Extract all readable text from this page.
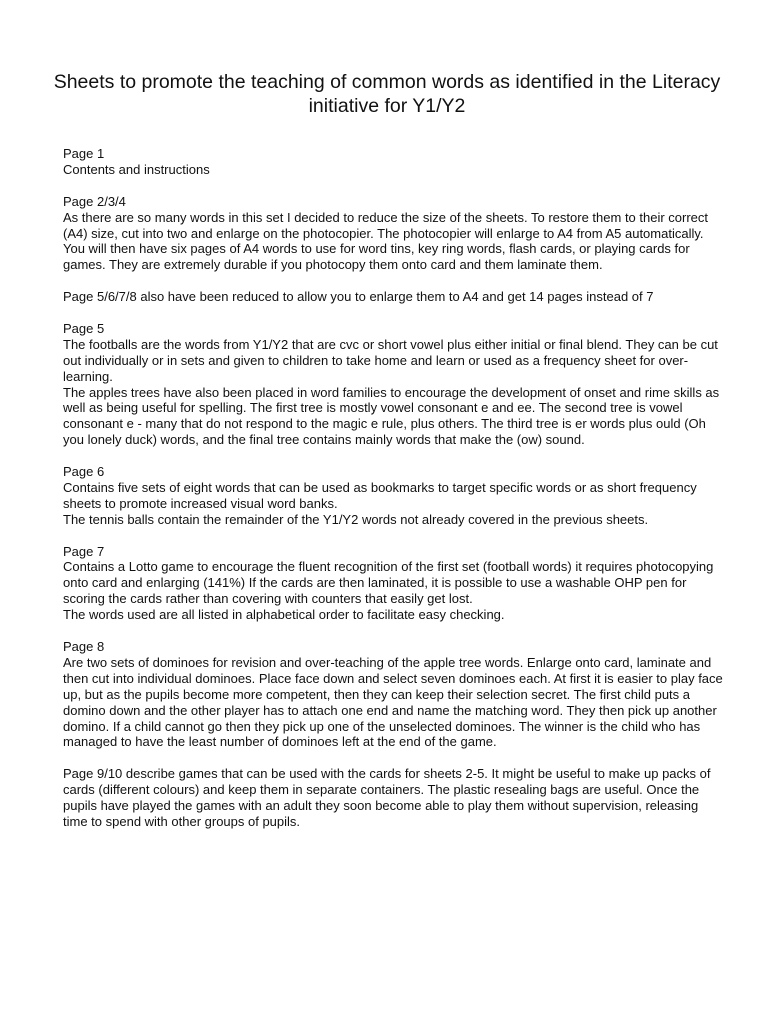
Sheets to promote the teaching of common words as identified in the Literacy initiative for Y1/Y2

Page 1

Contents and instructions

Page 2/3/4

As there are so many words in this set I decided to reduce the size of the sheets. To restore them to their correct (A4) size, cut into two and enlarge on the photocopier. The photocopier will enlarge to A4 from A5 automatically. You will then have six pages of A4 words to use for word tins, key ring words, flash cards, or playing cards for games. They are extremely durable if you photocopy them onto card and them laminate them.

Page 5/6/7/8 also have been reduced to allow you to enlarge them to A4 and get 14 pages instead of 7

Page 5

The footballs are the words from Y1/Y2 that are cvc or short vowel plus either initial or final blend. They can be cut out individually or in sets and given to children to take home and learn or used as a frequency sheet for over-learning.

The apples trees have also been placed in word families to encourage the development of onset and rime skills as well as being useful for spelling. The first tree is mostly vowel consonant e and ee. The second tree is vowel consonant e - many that do not respond to the magic e rule, plus others. The third tree is er words plus ould (Oh you lonely duck) words, and the final tree contains mainly words that make the (ow) sound.

Page 6

Contains five sets of eight words that can be used as bookmarks to target specific words or as short frequency sheets to promote increased visual word banks.

The tennis balls contain the remainder of the Y1/Y2 words not already covered in the previous sheets.

Page 7

Contains a Lotto game to encourage the fluent recognition of the first set (football words) it requires photocopying onto card and enlarging (141%) If the cards are then laminated, it is possible to use a washable OHP pen for scoring the cards rather than covering with counters that easily get lost.

The words used are all listed in alphabetical order to facilitate easy checking.

Page 8

Are two sets of dominoes for revision and over-teaching of the apple tree words. Enlarge onto card, laminate and then cut into individual dominoes. Place face down and select seven dominoes each. At first it is easier to play face up, but as the pupils become more competent, then they can keep their selection secret. The first child puts a domino down and the other player has to attach one end and name the matching word. They then pick up another domino. If a child cannot go then they pick up one of the unselected dominoes. The winner is the child who has managed to have the least number of dominoes left at the end of the game.

Page 9/10 describe games that can be used with the cards for sheets 2-5. It might be useful to make up packs of cards (different colours) and keep them in separate containers. The plastic resealing bags are useful. Once the pupils have played the games with an adult they soon become able to play them without supervision, releasing time to spend with other groups of pupils.
